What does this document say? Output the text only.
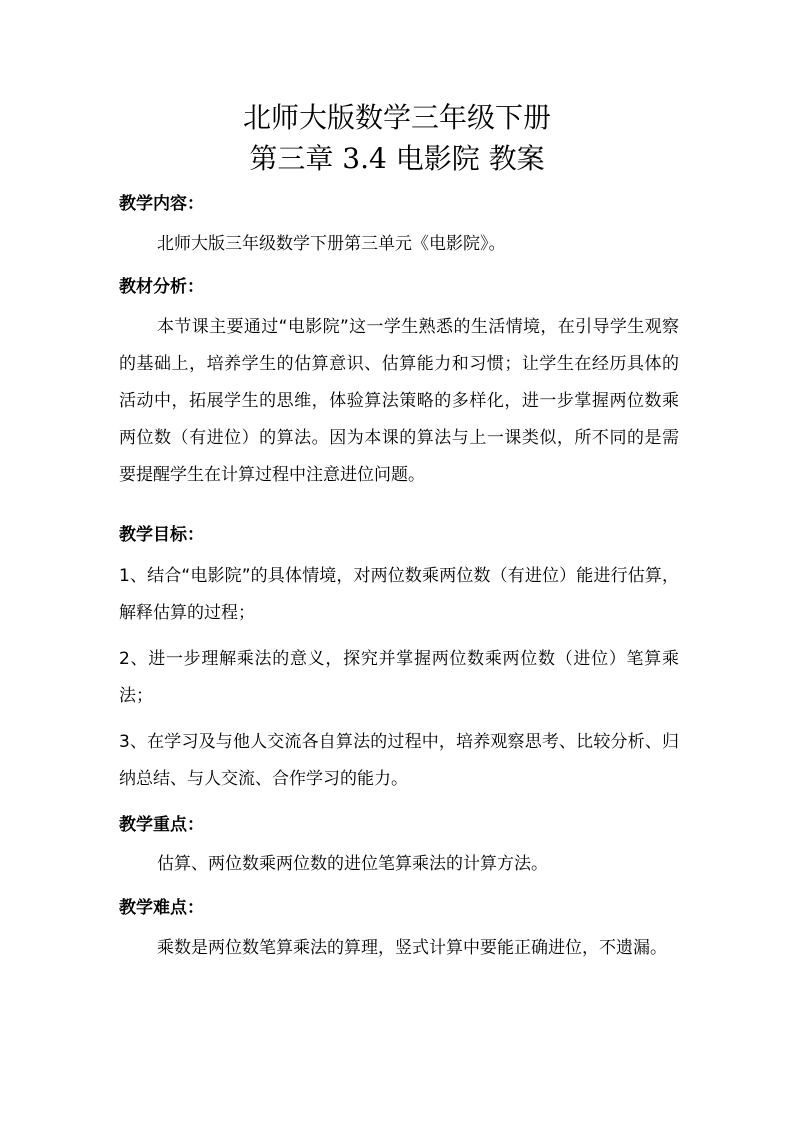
北师大版数学三年级下册
第三章 3.4 电影院 教案
教学内容：
北师大版三年级数学下册第三单元《电影院》。
教材分析：
本节课主要通过“电影院”这一学生熟悉的生活情境，在引导学生观察的基础上，培养学生的估算意识、估算能力和习惯；让学生在经历具体的活动中，拓展学生的思维，体验算法策略的多样化，进一步掌握两位数乘两位数（有进位）的算法。因为本课的算法与上一课类似，所不同的是需要提醒学生在计算过程中注意进位问题。
教学目标：
1、结合“电影院”的具体情境，对两位数乘两位数（有进位）能进行估算，解释估算的过程；
2、进一步理解乘法的意义，探究并掌握两位数乘两位数（进位）笔算乘法；
3、在学习及与他人交流各自算法的过程中，培养观察思考、比较分析、归纳总结、与人交流、合作学习的能力。
教学重点：
估算、两位数乘两位数的进位笔算乘法的计算方法。
教学难点：
乘数是两位数笔算乘法的算理，竖式计算中要能正确进位，不遗漏。
